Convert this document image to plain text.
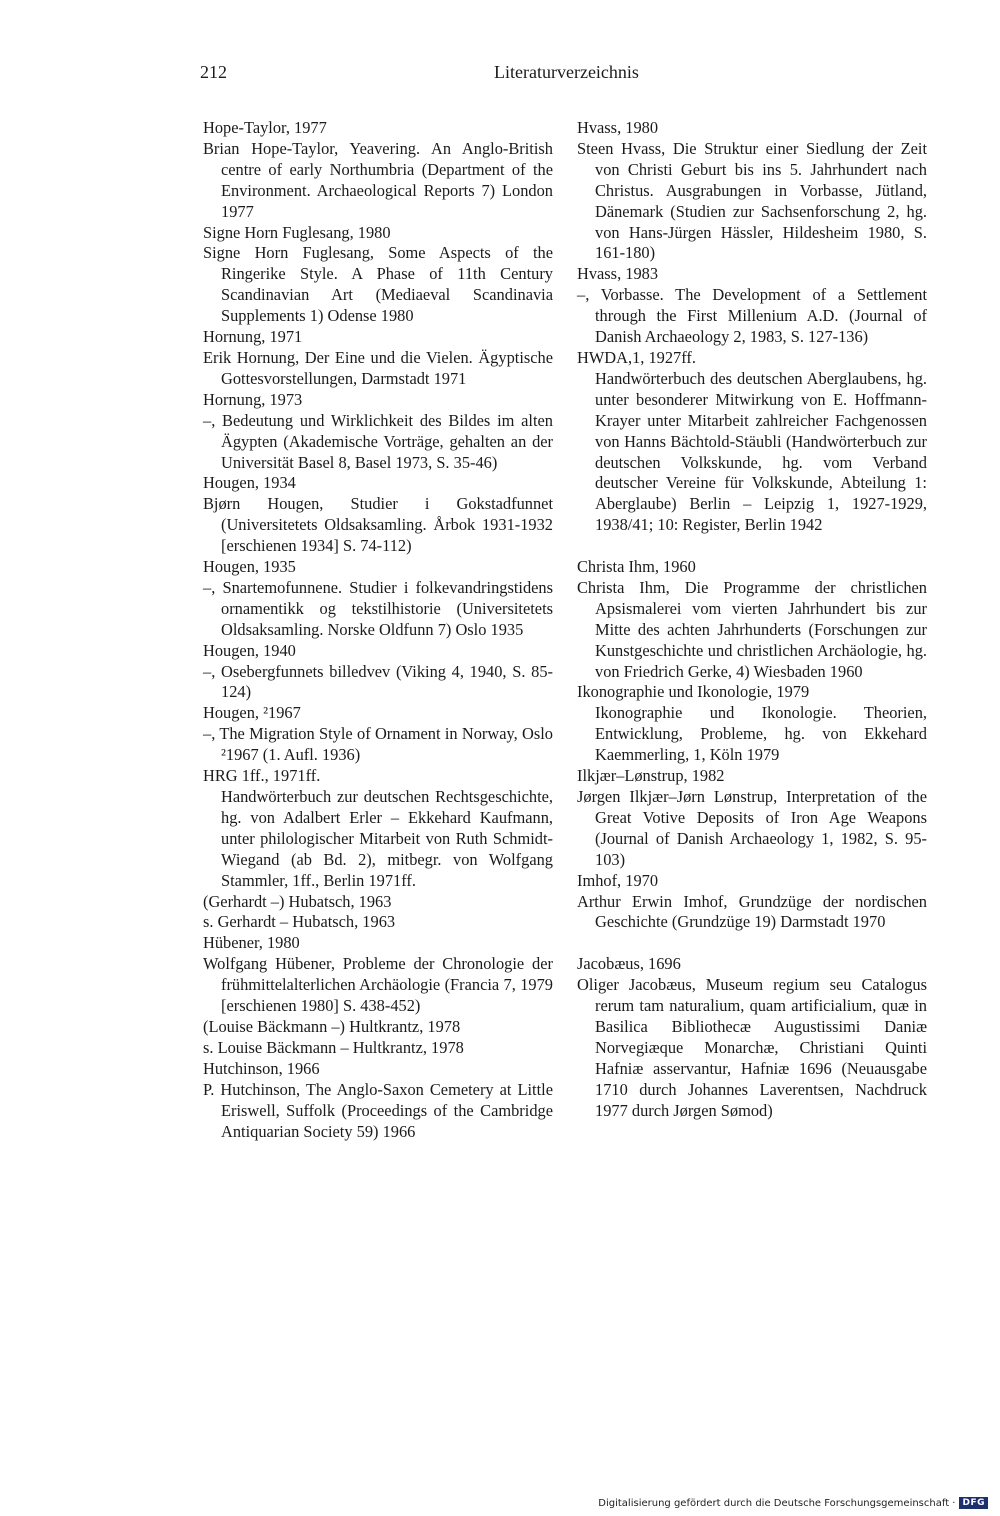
212	Literaturverzeichnis
Hope-Taylor, 1977
Brian Hope-Taylor, Yeavering. An Anglo-British centre of early Northumbria (Department of the Environment. Archaeological Reports 7) London 1977
Signe Horn Fuglesang, 1980
Signe Horn Fuglesang, Some Aspects of the Ringerike Style. A Phase of 11th Century Scandinavian Art (Mediaeval Scandinavia Supplements 1) Odense 1980
Hornung, 1971
Erik Hornung, Der Eine und die Vielen. Ägyptische Gottesvorstellungen, Darmstadt 1971
Hornung, 1973
–, Bedeutung und Wirklichkeit des Bildes im alten Ägypten (Akademische Vorträge, gehalten an der Universität Basel 8, Basel 1973, S. 35-46)
Hougen, 1934
Bjørn Hougen, Studier i Gokstadfunnet (Universitetets Oldsaksamling. Årbok 1931-1932 [erschienen 1934] S. 74-112)
Hougen, 1935
–, Snartemofunnene. Studier i folkevandringstidens ornamentikk og tekstilhistorie (Universitetets Oldsaksamling. Norske Oldfunn 7) Oslo 1935
Hougen, 1940
–, Osebergfunnets billedvev (Viking 4, 1940, S. 85-124)
Hougen, ²1967
–, The Migration Style of Ornament in Norway, Oslo ²1967 (1. Aufl. 1936)
HRG 1ff., 1971ff.
Handwörterbuch zur deutschen Rechtsgeschichte, hg. von Adalbert Erler – Ekkehard Kaufmann, unter philologischer Mitarbeit von Ruth Schmidt-Wiegand (ab Bd. 2), mitbegr. von Wolfgang Stammler, 1ff., Berlin 1971ff.
(Gerhardt –) Hubatsch, 1963
s. Gerhardt – Hubatsch, 1963
Hübener, 1980
Wolfgang Hübener, Probleme der Chronologie der frühmittelalterlichen Archäologie (Francia 7, 1979 [erschienen 1980] S. 438-452)
(Louise Bäckmann –) Hultkrantz, 1978
s. Louise Bäckmann – Hultkrantz, 1978
Hutchinson, 1966
P. Hutchinson, The Anglo-Saxon Cemetery at Little Eriswell, Suffolk (Proceedings of the Cambridge Antiquarian Society 59) 1966
Hvass, 1980
Steen Hvass, Die Struktur einer Siedlung der Zeit von Christi Geburt bis ins 5. Jahrhundert nach Christus. Ausgrabungen in Vorbasse, Jütland, Dänemark (Studien zur Sachsenforschung 2, hg. von Hans-Jürgen Hässler, Hildesheim 1980, S. 161-180)
Hvass, 1983
–, Vorbasse. The Development of a Settlement through the First Millenium A.D. (Journal of Danish Archaeology 2, 1983, S. 127-136)
HWDA,1, 1927ff.
Handwörterbuch des deutschen Aberglaubens, hg. unter besonderer Mitwirkung von E. Hoffmann-Krayer unter Mitarbeit zahlreicher Fachgenossen von Hanns Bächtold-Stäubli (Handwörterbuch zur deutschen Volkskunde, hg. vom Verband deutscher Vereine für Volkskunde, Abteilung 1: Aberglaube) Berlin – Leipzig 1, 1927-1929, 1938/41; 10: Register, Berlin 1942
Christa Ihm, 1960
Christa Ihm, Die Programme der christlichen Apsismalerei vom vierten Jahrhundert bis zur Mitte des achten Jahrhunderts (Forschungen zur Kunstgeschichte und christlichen Archäologie, hg. von Friedrich Gerke, 4) Wiesbaden 1960
Ikonographie und Ikonologie, 1979
Ikonographie und Ikonologie. Theorien, Entwicklung, Probleme, hg. von Ekkehard Kaemmerling, 1, Köln 1979
Ilkjær–Lønstrup, 1982
Jørgen Ilkjær–Jørn Lønstrup, Interpretation of the Great Votive Deposits of Iron Age Weapons (Journal of Danish Archaeology 1, 1982, S. 95-103)
Imhof, 1970
Arthur Erwin Imhof, Grundzüge der nordischen Geschichte (Grundzüge 19) Darmstadt 1970
Jacobæus, 1696
Oliger Jacobæus, Museum regium seu Catalogus rerum tam naturalium, quam artificialium, quæ in Basilica Bibliothecæ Augustissimi Daniæ Norvegiæque Monarchæ, Christiani Quinti Hafniæ asservantur, Hafniæ 1696 (Neuausgabe 1710 durch Johannes Laverentsen, Nachdruck 1977 durch Jørgen Sømod)
Digitalisierung gefördert durch die Deutsche Forschungsgemeinschaft · DFG
